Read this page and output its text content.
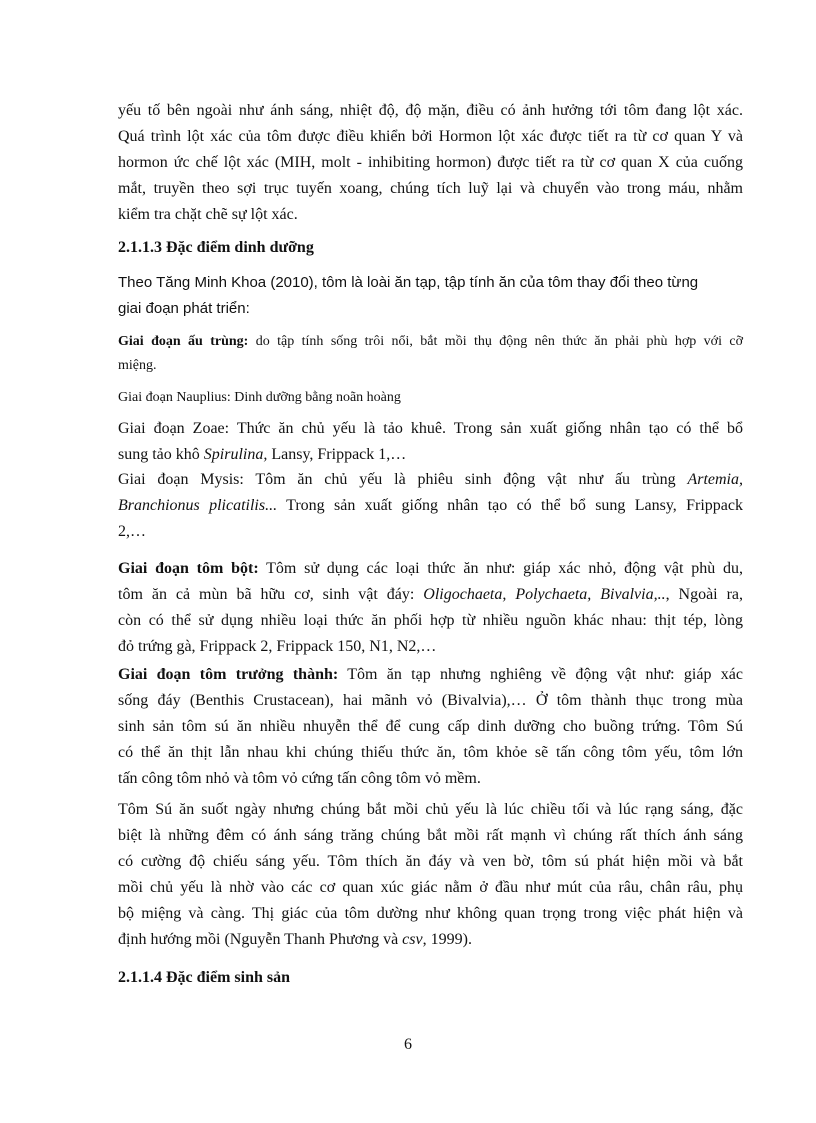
yếu tố bên ngoài như ánh sáng, nhiệt độ, độ mặn, điều có ảnh hưởng tới tôm đang lột xác.
Quá trình lột xác của tôm được điều khiển bởi Hormon lột xác được tiết ra từ cơ quan Y và
hormon ức chế lột xác (MIH, molt - inhibiting hormon) được tiết ra từ cơ quan X của cuống
mắt, truyền theo sợi trục tuyến xoang, chúng tích luỹ lại và chuyển vào trong máu, nhằm
kiểm tra chặt chẽ sự lột xác.

2.1.1.3 Đặc điểm dinh dưỡng

Theo Tăng Minh Khoa (2010), tôm là loài ăn tạp, tập tính ăn của tôm thay đổi theo từng
giai đoạn phát triển:

Giai đoạn ấu trùng: do tập tính sống trôi nổi, bắt mồi thụ động nên thức ăn phải phù hợp với cỡ
miệng.

Giai đoạn Nauplius: Dinh dưỡng bằng noãn hoàng

Giai đoạn Zoae: Thức ăn chủ yếu là tảo khuê. Trong sản xuất giống nhân tạo có thể bổ
sung tảo khô Spirulina, Lansy, Frippack 1,…

Giai đoạn Mysis: Tôm ăn chủ yếu là phiêu sinh động vật như ấu trùng Artemia,
Branchionus plicatilis... Trong sản xuất giống nhân tạo có thể bổ sung Lansy, Frippack
2,…

Giai đoạn tôm bột: Tôm sử dụng các loại thức ăn như: giáp xác nhỏ, động vật phù du,
tôm ăn cả mùn bã hữu cơ, sinh vật đáy: Oligochaeta, Polychaeta, Bivalvia,.., Ngoài ra,
còn có thể sử dụng nhiều loại thức ăn phối hợp từ nhiều nguồn khác nhau: thịt tép, lòng
đỏ trứng gà, Frippack 2, Frippack 150, N1, N2,…

Giai đoạn tôm trưởng thành: Tôm ăn tạp nhưng nghiêng về động vật như: giáp xác
sống đáy (Benthis Crustacean), hai mãnh vỏ (Bivalvia),… Ở tôm thành thục trong mùa
sinh sản tôm sú ăn nhiều nhuyễn thể để cung cấp dinh dưỡng cho buồng trứng. Tôm Sú
có thể ăn thịt lẫn nhau khi chúng thiếu thức ăn, tôm khỏe sẽ tấn công tôm yếu, tôm lớn
tấn công tôm nhỏ và tôm vỏ cứng tấn công tôm vỏ mềm.

Tôm Sú ăn suốt ngày nhưng chúng bắt mồi chủ yếu là lúc chiều tối và lúc rạng sáng, đặc
biệt là những đêm có ánh sáng trăng chúng bắt mồi rất mạnh vì chúng rất thích ánh sáng
có cường độ chiếu sáng yếu. Tôm thích ăn đáy và ven bờ, tôm sú phát hiện mồi và bắt
mồi chủ yếu là nhờ vào các cơ quan xúc giác nằm ở đầu như mút của râu, chân râu, phụ
bộ miệng và càng. Thị giác của tôm dường như không quan trọng trong việc phát hiện và
định hướng mồi (Nguyễn Thanh Phương và csv, 1999).

2.1.1.4 Đặc điểm sinh sản

6
